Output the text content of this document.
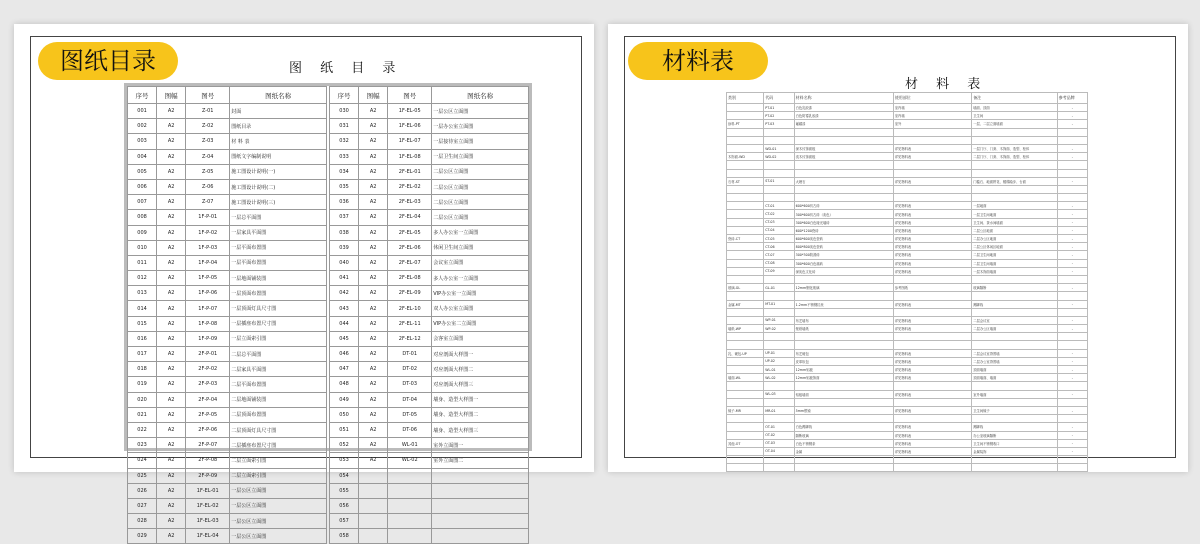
图 纸 目 录
序号	图幅	图号	图纸名称
001	A2	Z-01	封面
002	A2	Z-02	图纸目录
003	A2	Z-03	材 料 表
004	A2	Z-04	图纸文字编制说明
005	A2	Z-05	施工图设计说明(一)
006	A2	Z-06	施工图设计说明(二)
007	A2	Z-07	施工图设计说明(三)
008	A2	1F-P-01	一层总平面图
009	A2	1F-P-02	一层家具平面图
010	A2	1F-P-03	一层平面布置图
011	A2	1F-P-04	一层平面布置图
012	A2	1F-P-05	一层地面铺装图
013	A2	1F-P-06	一层顶面布置图
014	A2	1F-P-07	一层顶面灯具尺寸图
015	A2	1F-P-08	一层插座布置尺寸图
016	A2	1F-P-09	一层立面索引图
017	A2	2F-P-01	二层总平面图
018	A2	2F-P-02	二层家具平面图
019	A2	2F-P-03	二层平面布置图
020	A2	2F-P-04	二层地面铺装图
021	A2	2F-P-05	二层顶面布置图
022	A2	2F-P-06	二层顶面灯具尺寸图
023	A2	2F-P-07	二层插座布置尺寸图
024	A2	2F-P-08	二层立面索引图
025	A2	2F-P-09	二层立面索引图
026	A2	1F-EL-01	一层公区立面图
027	A2	1F-EL-02	一层公区立面图
028	A2	1F-EL-03	一层公区立面图
029	A2	1F-EL-04	一层公区立面图
序号	图幅	图号	图纸名称
030	A2	1F-EL-05	一层公区立面图
031	A2	1F-EL-06	一层办公室立面图
032	A2	1F-EL-07	一层接待室立面图
033	A2	1F-EL-08	一层卫生间立面图
034	A2	2F-EL-01	二层公区立面图
035	A2	2F-EL-02	二层公区立面图
036	A2	2F-EL-03	二层公区立面图
037	A2	2F-EL-04	二层公区立面图
038	A2	2F-EL-05	多人办公室一立面图
039	A2	2F-EL-06	休闲卫生间立面图
040	A2	2F-EL-07	会议室立面图
041	A2	2F-EL-08	多人办公室一立面图
042	A2	2F-EL-09	VIP办公室一立面图
043	A2	2F-EL-10	双人办公室立面图
044	A2	2F-EL-11	VIP办公室二立面图
045	A2	2F-EL-12	会客室立面图
046	A2	DT-01	对应剖面大样图一
047	A2	DT-02	对应剖面大样图二
048	A2	DT-03	对应剖面大样图三
049	A2	DT-04	墙身、造型大样图一
050	A2	DT-05	墙身、造型大样图二
051	A2	DT-06	墙身、造型大样图三
052	A2	WL-01	室外立面图一
053	A2	WL-02	室外立面图二
054			
055			
056			
057			
058			
图纸目录
材 料 表
类别	代码	材料名称	使用部位	备注	参考品牌
	PT-01	白色乳胶漆	室内墙	墙面、顶面	-
	PT-02	白色防霉乳胶漆	室内墙	卫生间	-
涂料-PT	PT-03	氟碳漆	室外	一层、二层立面墙面	-

	WD-01	深木纹饰面板	详见物料表	一层门厅、门套、木饰面、造型、柜体	-
木饰面-WD	WD-02	浅木纹饰面板	详见物料表	二层门厅、门套、木饰面、造型、柜体	-

石材-ST	ST-01	大理石	详见物料表	门槛石、地面拼花、楼梯踏步、台面	-

	CT-01	600*600仿古砖	详见物料表	一层地面	-
	CT-02	300*600仿古砖（灰色）	详见物料表	一层卫生间地面	-
	CT-03	300*600白色哑光墙砖	详见物料表	卫生间、茶水间墙面	-
	CT-04	600*1200瓷砖	详见物料表	二层公区地面	-
瓷砖-CT	CT-05	600*600灰色瓷砖	详见物料表	二层办公区地面	-
	CT-06	800*800灰色瓷砖	详见物料表	二层公区休闲区地面	-
	CT-07	300*300防滑砖	详见物料表	二层卫生间地面	-
	CT-08	300*600白色墙砖	详见物料表	二层卫生间墙面	-
	CT-09	深灰色文化砖	详见物料表	一层木饰面墙面	-

玻璃-GL	GL-01	12mm钢化玻璃	参考图纸	玻璃隔断	-

金属-MT	MT-01	1.2mm不锈钢拉丝	详见物料表	踢脚线	-

	WP-01	布艺墙布	详见物料表	二层会议室	-
墙纸-WP	WP-02	壁纸墙纸	详见物料表	二层办公区墙面	-

乳、硬包-UP	UP-01	布艺硬包	详见物料表	二层会议室背景墙	-
	UP-02	皮革软包	详见物料表	二层办公室背景墙	-
	WL-01	12mm铝板	详见物料表	顶面墙面	-
墙面-WL	WL-02	12mm铝板饰面	详见物料表	顶面墙面、墙面	-

	WL-03	铝板墙面	详见物料表	室外墙面	-

镜子-MR	MR-01	5mm银镜	详见物料表	卫生间镜子	-

	OT-01	白色踢脚线	详见物料表	踢脚线	-
	OT-02	隔断玻璃	详见物料表	办公室玻璃隔断	-
其他-OT	OT-03	白色不锈钢条	详见物料表	卫生间不锈钢收口	-
	OT-04	金属	详见物料表	金属装饰	-

材料表
